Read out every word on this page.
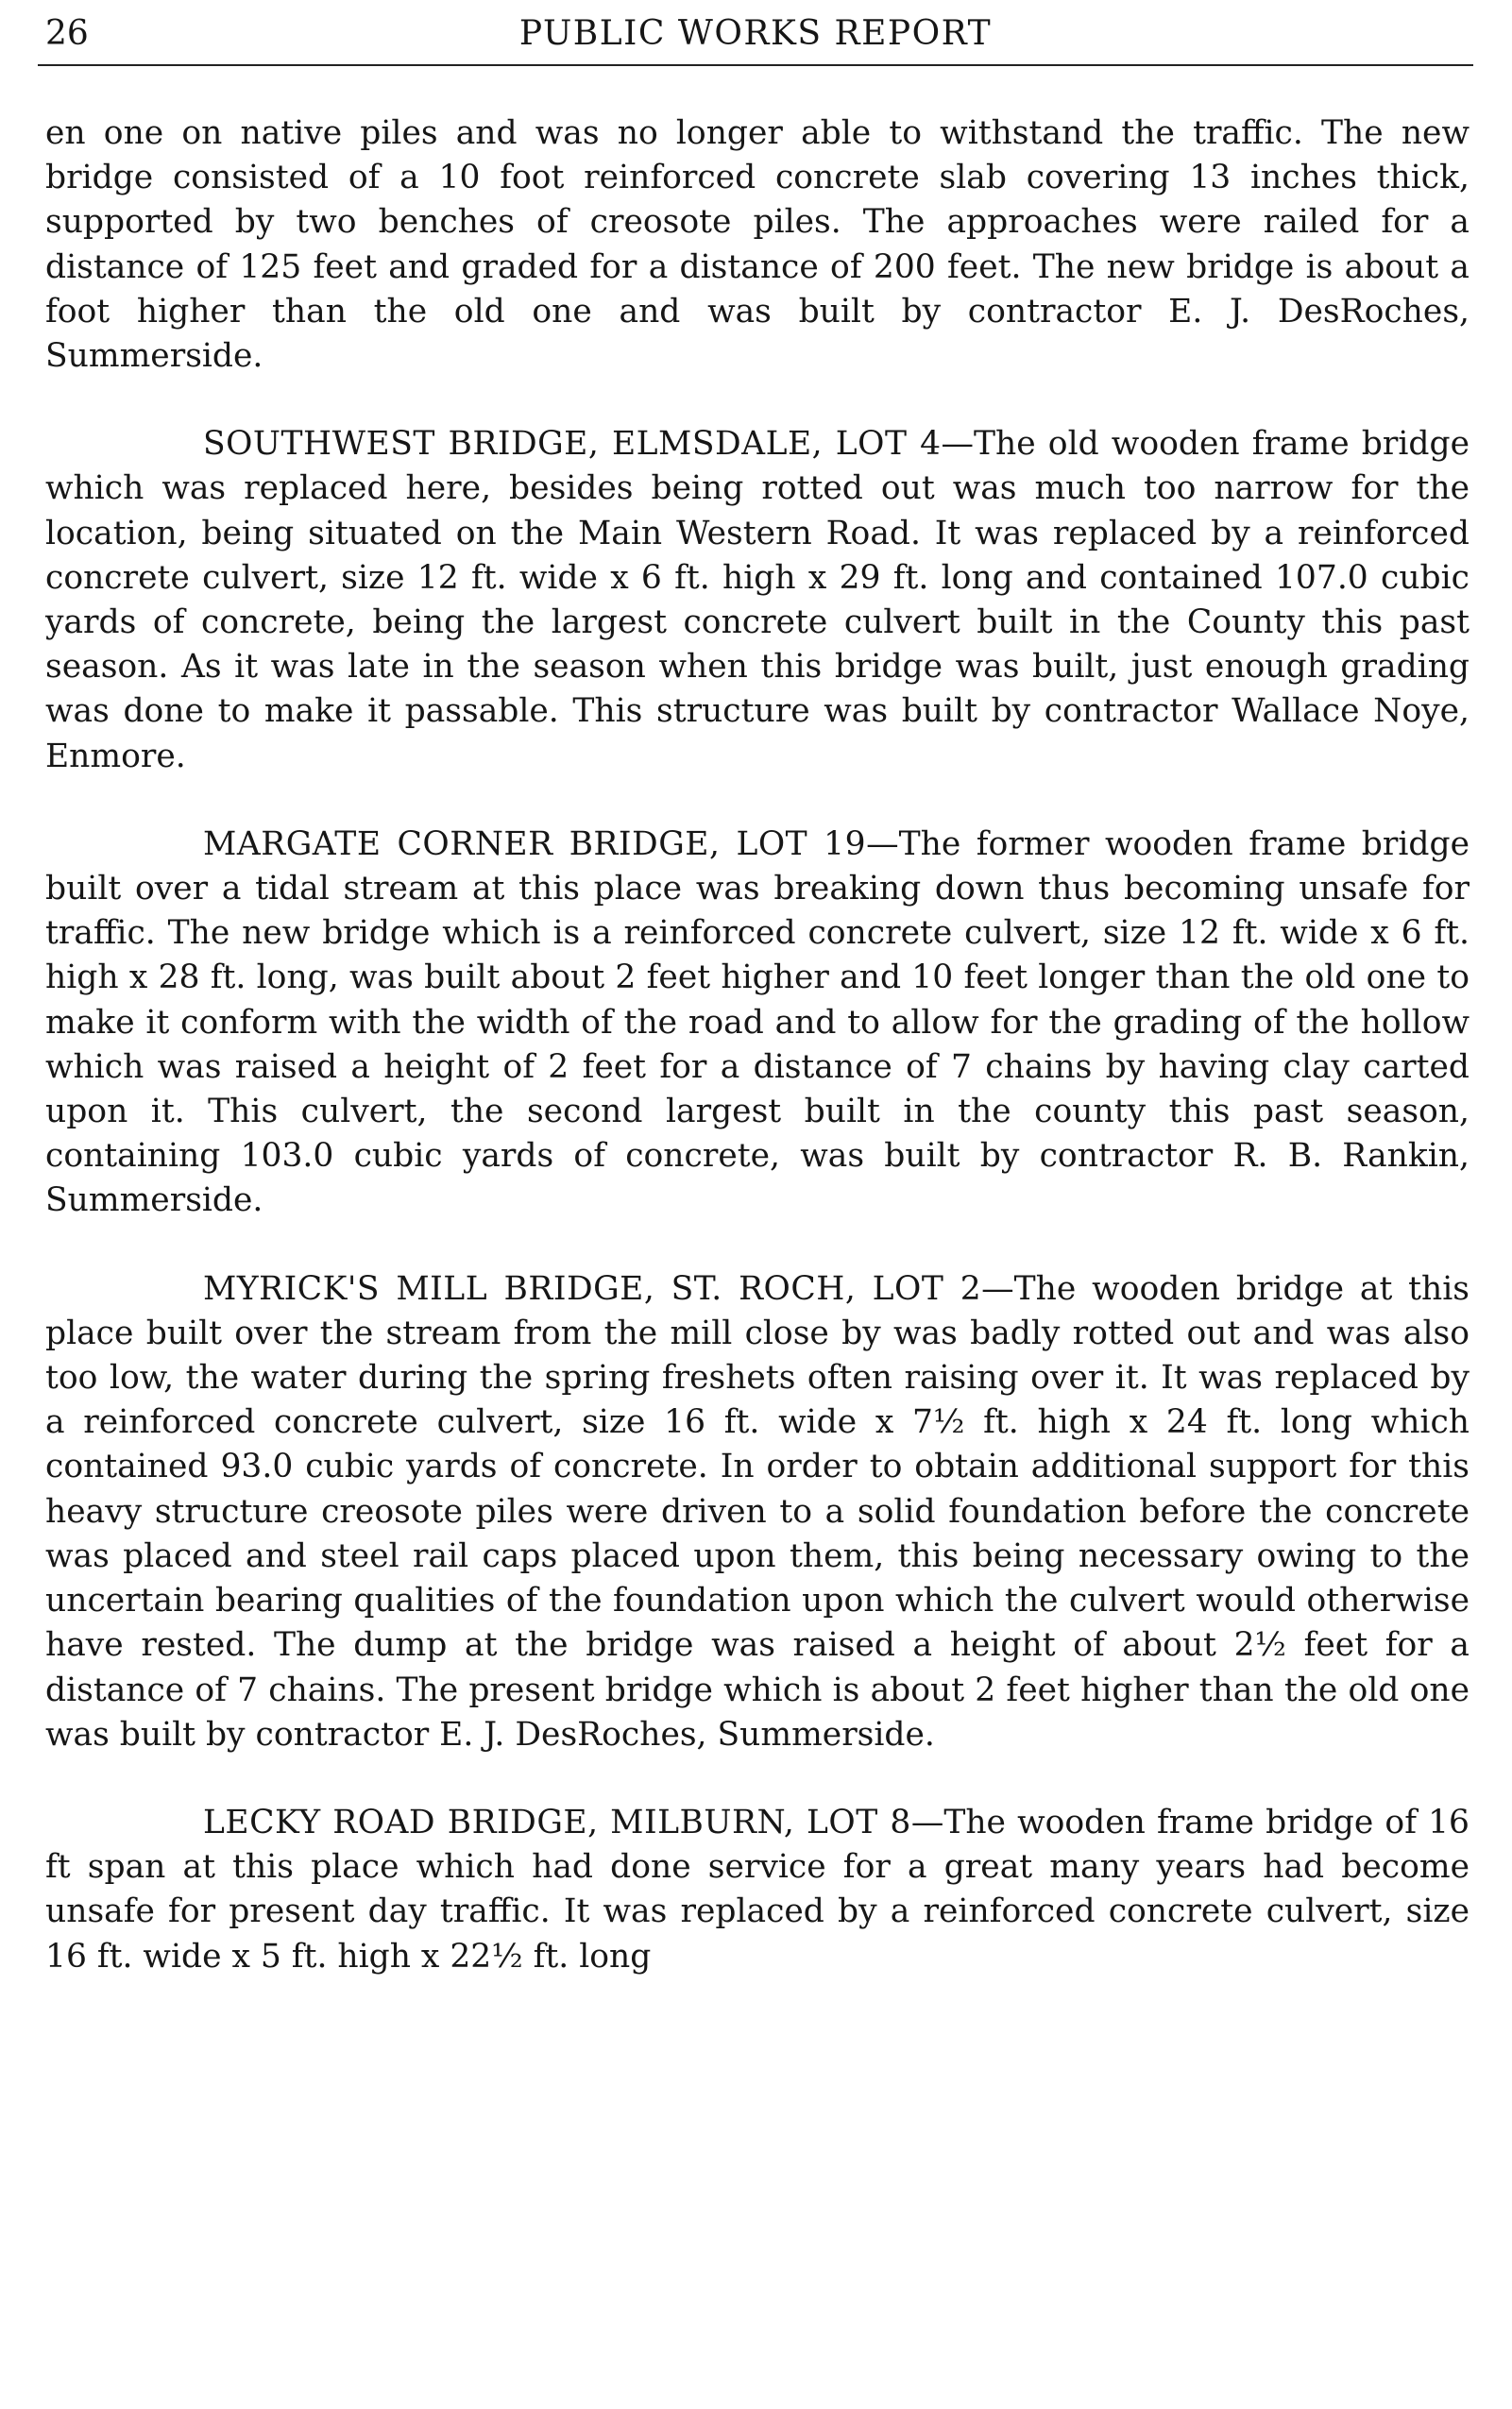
26	PUBLIC WORKS REPORT

en one on native piles and was no longer able to withstand the traffic. The new bridge consisted of a 10 foot reinforced concrete slab covering 13 inches thick, supported by two benches of creosote piles. The approaches were railed for a distance of 125 feet and graded for a distance of 200 feet. The new bridge is about a foot higher than the old one and was built by contractor E. J. DesRoches, Summerside.

SOUTHWEST BRIDGE, ELMSDALE, LOT 4—The old wooden frame bridge which was replaced here, besides being rotted out was much too narrow for the location, being situated on the Main Western Road. It was replaced by a reinforced concrete culvert, size 12 ft. wide x 6 ft. high x 29 ft. long and contained 107.0 cubic yards of concrete, being the largest concrete culvert built in the County this past season. As it was late in the season when this bridge was built, just enough grading was done to make it passable. This structure was built by contractor Wallace Noye, Enmore.

MARGATE CORNER BRIDGE, LOT 19—The former wooden frame bridge built over a tidal stream at this place was breaking down thus becoming unsafe for traffic. The new bridge which is a reinforced concrete culvert, size 12 ft. wide x 6 ft. high x 28 ft. long, was built about 2 feet higher and 10 feet longer than the old one to make it conform with the width of the road and to allow for the grading of the hollow which was raised a height of 2 feet for a distance of 7 chains by having clay carted upon it. This culvert, the second largest built in the county this past season, containing 103.0 cubic yards of concrete, was built by contractor R. B. Rankin, Summerside.

MYRICK'S MILL BRIDGE, ST. ROCH, LOT 2—The wooden bridge at this place built over the stream from the mill close by was badly rotted out and was also too low, the water during the spring freshets often raising over it. It was replaced by a reinforced concrete culvert, size 16 ft. wide x 7½ ft. high x 24 ft. long which contained 93.0 cubic yards of concrete. In order to obtain additional support for this heavy structure creosote piles were driven to a solid foundation before the concrete was placed and steel rail caps placed upon them, this being necessary owing to the uncertain bearing qualities of the foundation upon which the culvert would otherwise have rested. The dump at the bridge was raised a height of about 2½ feet for a distance of 7 chains. The present bridge which is about 2 feet higher than the old one was built by contractor E. J. DesRoches, Summerside.

LECKY ROAD BRIDGE, MILBURN, LOT 8—The wooden frame bridge of 16 ft span at this place which had done service for a great many years had become unsafe for present day traffic. It was replaced by a reinforced concrete culvert, size 16 ft. wide x 5 ft. high x 22½ ft. long
